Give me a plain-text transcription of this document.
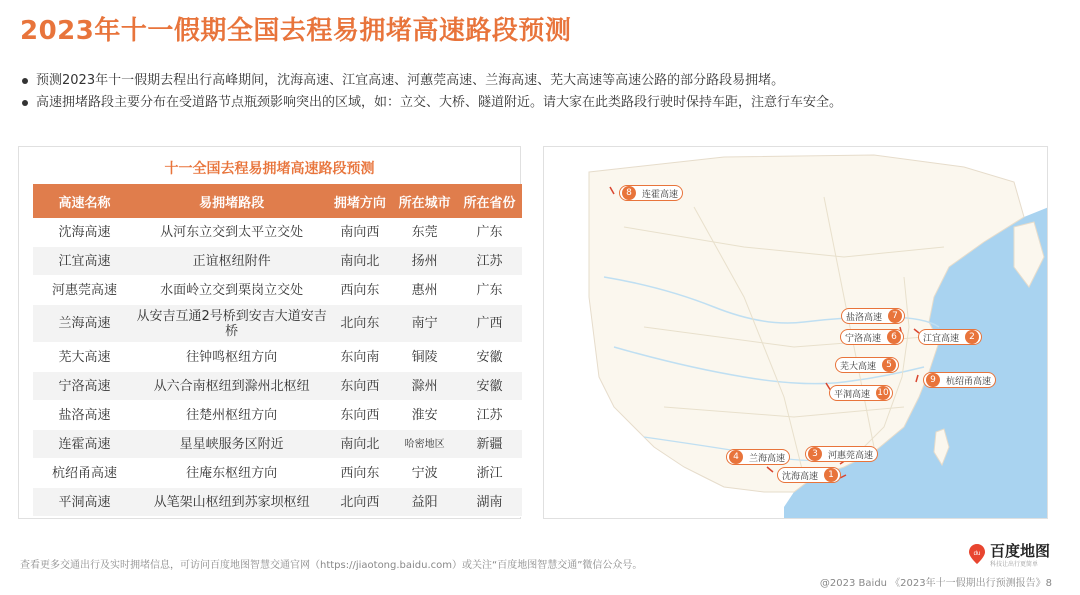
2023年十一假期全国去程易拥堵高速路段预测
预测2023年十一假期去程出行高峰期间，沈海高速、江宜高速、河蕙莞高速、兰海高速、芜大高速等高速公路的部分路段易拥堵。
高速拥堵路段主要分布在受道路节点瓶颈影响突出的区域，如：立交、大桥、隧道附近。请大家在此类路段行驶时保持车距，注意行车安全。
十一全国去程易拥堵高速路段预测
高速名称	易拥堵路段	拥堵方向	所在城市	所在省份
沈海高速	从河东立交到太平立交处	南向西	东莞	广东
江宜高速	正谊枢纽附件	南向北	扬州	江苏
河惠莞高速	水面岭立交到栗岗立交处	西向东	惠州	广东
兰海高速	从安吉互通2号桥到安吉大道安吉桥	北向东	南宁	广西
芜大高速	往钟鸣枢纽方向	东向南	铜陵	安徽
宁洛高速	从六合南枢纽到滁州北枢纽	东向西	滁州	安徽
盐洛高速	往楚州枢纽方向	东向西	淮安	江苏
连霍高速	星星峡服务区附近	南向北	哈密地区	新疆
杭绍甬高速	往庵东枢纽方向	西向东	宁波	浙江
平洞高速	从笔架山枢纽到苏家坝枢纽	北向西	益阳	湖南
8	连霍高速
盐洛高速	7
宁洛高速	6	江宜高速	2
芜大高速	5
9	杭绍甬高速
平洞高速 10
4	兰海高速	3	河惠莞高速
沈海高速	1
查看更多交通出行及实时拥堵信息，可访问百度地图智慧交通官网（https://jiaotong.baidu.com）或关注“百度地图智慧交通”微信公众号。
du 百度地图
科技让出行更简单
@2023 Baidu 《2023年十一假期出行预测报告》8
